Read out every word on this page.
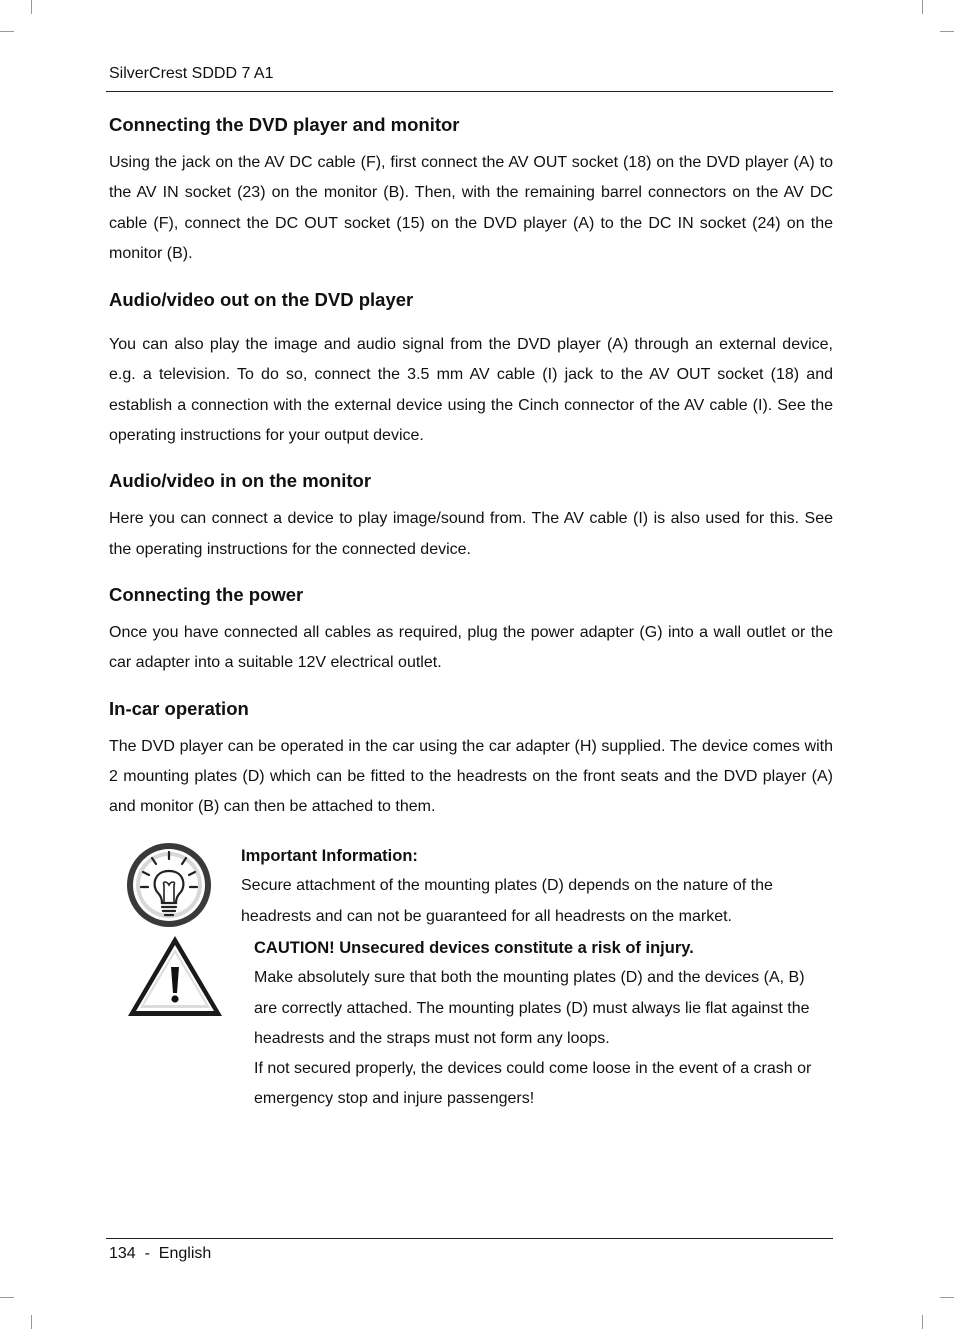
SilverCrest SDDD 7 A1
Connecting the DVD player and monitor

Using the jack on the AV DC cable (F), first connect the AV OUT socket (18) on the DVD player (A) to the AV IN socket (23) on the monitor (B). Then, with the remaining barrel connectors on the AV DC cable (F), connect the DC OUT socket (15) on the DVD player (A) to the DC IN socket (24) on the monitor (B).

Audio/video out on the DVD player

You can also play the image and audio signal from the DVD player (A) through an external device, e.g. a television. To do so, connect the 3.5 mm AV cable (I) jack to the AV OUT socket (18) and establish a connection with the external device using the Cinch connector of the AV cable (I). See the operating instructions for your output device.

Audio/video in on the monitor

Here you can connect a device to play image/sound from. The AV cable (I) is also used for this. See the operating instructions for the connected device.

Connecting the power

Once you have connected all cables as required, plug the power adapter (G) into a wall outlet or the car adapter into a suitable 12V electrical outlet.

In-car operation

The DVD player can be operated in the car using the car adapter (H) supplied. The device comes with 2 mounting plates (D) which can be fitted to the headrests on the front seats and the DVD player (A) and monitor (B) can then be attached to them.

Important Information:
Secure attachment of the mounting plates (D) depends on the nature of the
headrests and can not be guaranteed for all headrests on the market.
CAUTION! Unsecured devices constitute a risk of injury.
Make absolutely sure that both the mounting plates (D) and the devices (A, B)
are correctly attached. The mounting plates (D) must always lie flat against the
headrests and the straps must not form any loops.
If not secured properly, the devices could come loose in the event of a crash or
emergency stop and injure passengers!
134  -  English
